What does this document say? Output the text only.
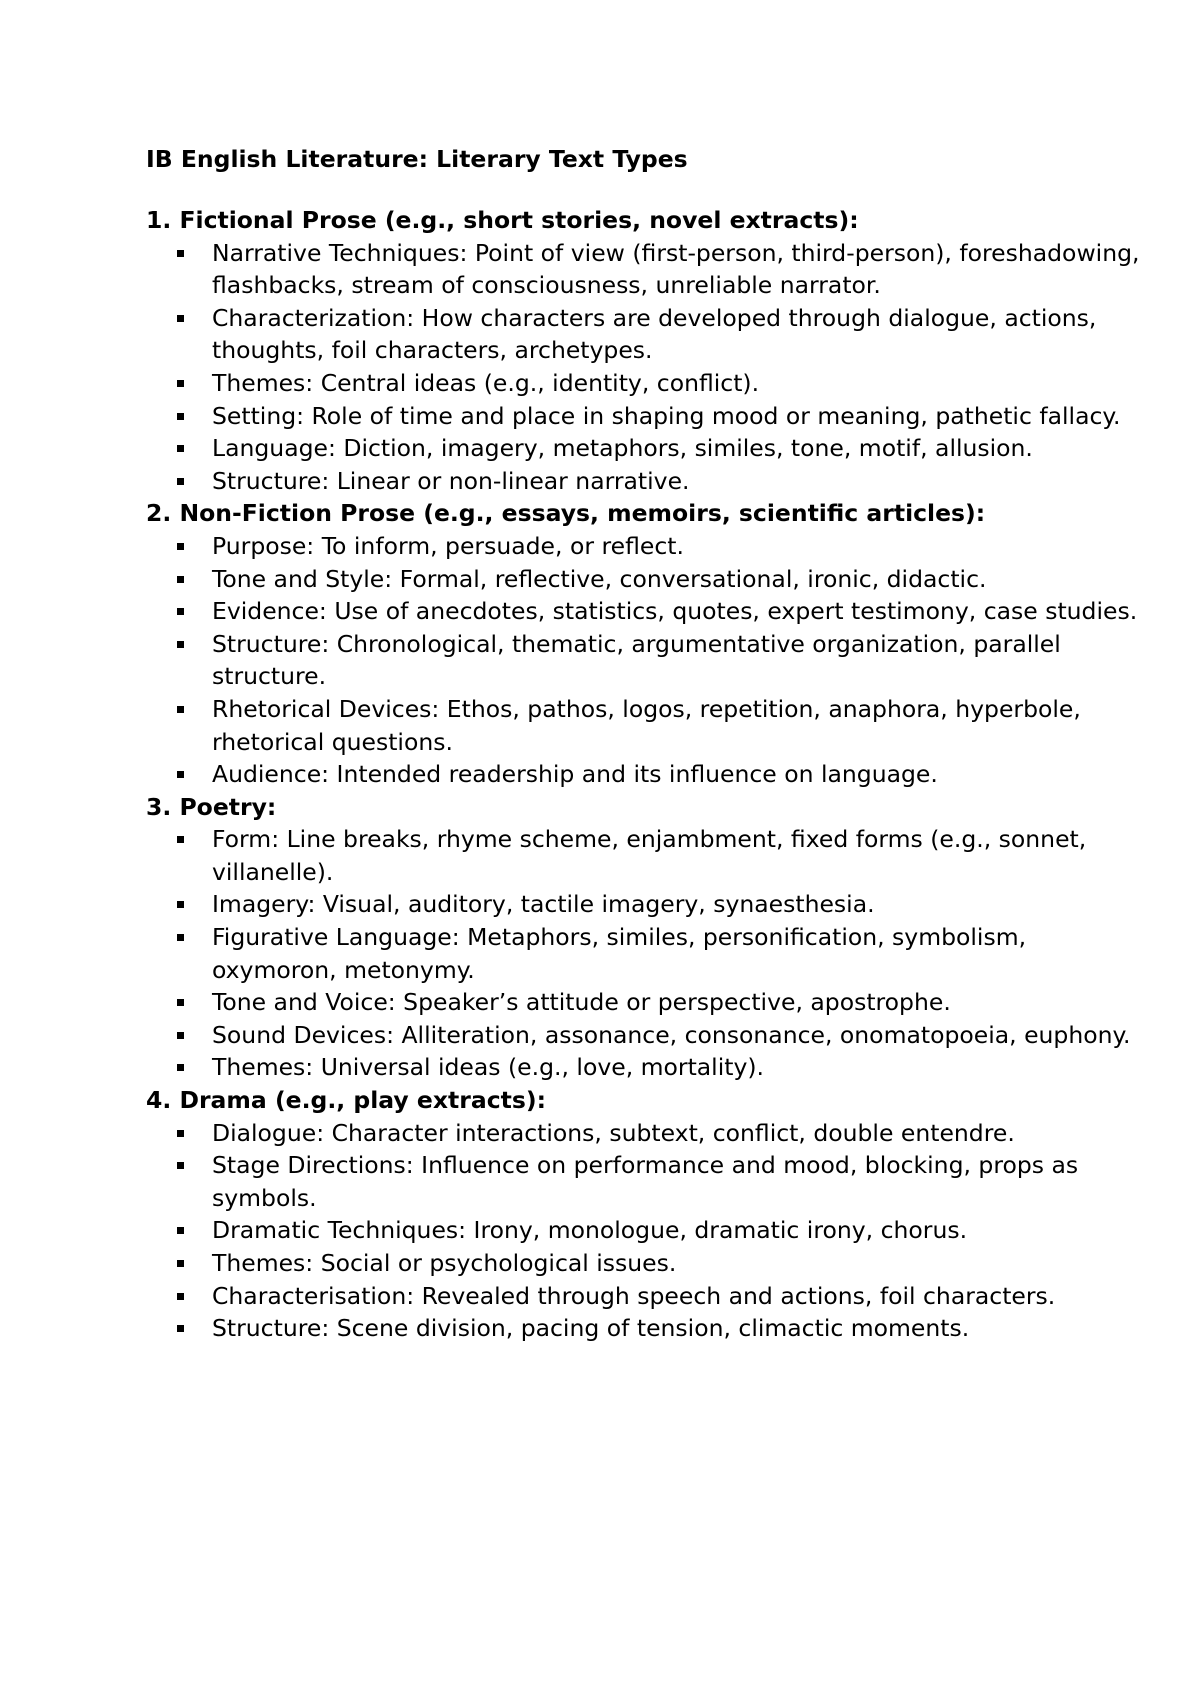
IB English Literature: Literary Text Types
1. Fictional Prose (e.g., short stories, novel extracts):
Narrative Techniques: Point of view (first-person, third-person), foreshadowing, flashbacks, stream of consciousness, unreliable narrator.
Characterization: How characters are developed through dialogue, actions, thoughts, foil characters, archetypes.
Themes: Central ideas (e.g., identity, conflict).
Setting: Role of time and place in shaping mood or meaning, pathetic fallacy.
Language: Diction, imagery, metaphors, similes, tone, motif, allusion.
Structure: Linear or non-linear narrative.
2. Non-Fiction Prose (e.g., essays, memoirs, scientific articles):
Purpose: To inform, persuade, or reflect.
Tone and Style: Formal, reflective, conversational, ironic, didactic.
Evidence: Use of anecdotes, statistics, quotes, expert testimony, case studies.
Structure: Chronological, thematic, argumentative organization, parallel structure.
Rhetorical Devices: Ethos, pathos, logos, repetition, anaphora, hyperbole, rhetorical questions.
Audience: Intended readership and its influence on language.
3. Poetry:
Form: Line breaks, rhyme scheme, enjambment, fixed forms (e.g., sonnet, villanelle).
Imagery: Visual, auditory, tactile imagery, synaesthesia.
Figurative Language: Metaphors, similes, personification, symbolism, oxymoron, metonymy.
Tone and Voice: Speaker’s attitude or perspective, apostrophe.
Sound Devices: Alliteration, assonance, consonance, onomatopoeia, euphony.
Themes: Universal ideas (e.g., love, mortality).
4. Drama (e.g., play extracts):
Dialogue: Character interactions, subtext, conflict, double entendre.
Stage Directions: Influence on performance and mood, blocking, props as symbols.
Dramatic Techniques: Irony, monologue, dramatic irony, chorus.
Themes: Social or psychological issues.
Characterisation: Revealed through speech and actions, foil characters.
Structure: Scene division, pacing of tension, climactic moments.
